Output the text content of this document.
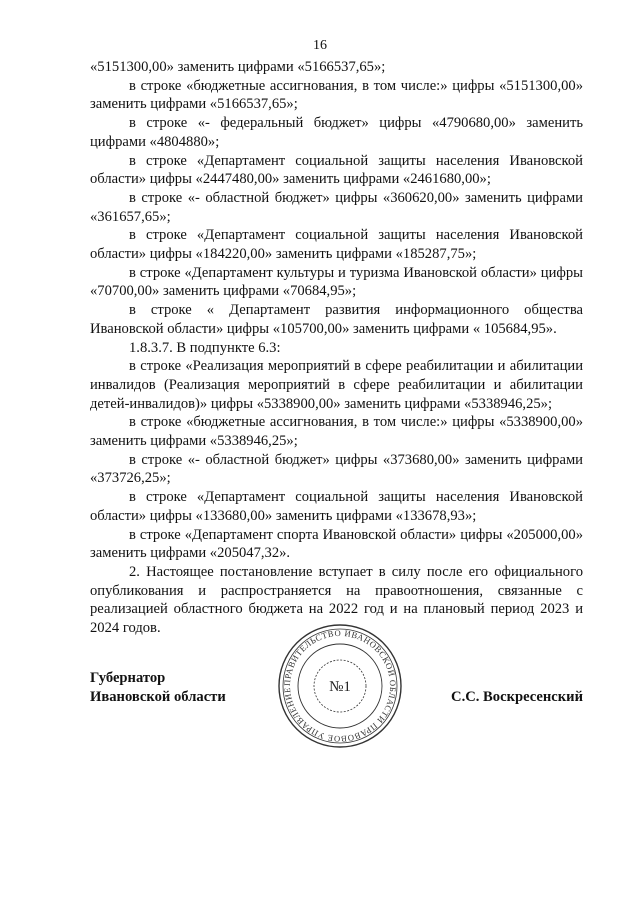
16

«5151300,00» заменить цифрами «5166537,65»;

в строке «бюджетные ассигнования, в том числе:» цифры «5151300,00» заменить цифрами «5166537,65»;

в строке «- федеральный бюджет» цифры «4790680,00» заменить цифрами «4804880»;

в строке «Департамент социальной защиты населения Ивановской области» цифры «2447480,00» заменить цифрами «2461680,00»;

в строке «- областной бюджет» цифры «360620,00» заменить цифрами «361657,65»;

в строке «Департамент социальной защиты населения Ивановской области» цифры «184220,00» заменить цифрами «185287,75»;

в строке «Департамент культуры и туризма Ивановской области» цифры «70700,00» заменить цифрами «70684,95»;

в строке « Департамент развития информационного общества Ивановской области» цифры «105700,00» заменить цифрами « 105684,95».

1.8.3.7. В подпункте 6.3:

в строке «Реализация мероприятий в сфере реабилитации и абилитации инвалидов (Реализация мероприятий в сфере реабилитации и абилитации детей-инвалидов)» цифры «5338900,00» заменить цифрами «5338946,25»;

в строке «бюджетные ассигнования, в том числе:» цифры «5338900,00» заменить цифрами «5338946,25»;

в строке «- областной бюджет» цифры «373680,00» заменить цифрами «373726,25»;

в строке «Департамент социальной защиты населения Ивановской области» цифры «133680,00» заменить цифрами «133678,93»;

в строке «Департамент спорта Ивановской области» цифры «205000,00» заменить цифрами «205047,32».

2. Настоящее постановление вступает в силу после его официального опубликования и распространяется на правоотношения, связанные с реализацией областного бюджета на 2022 год и на плановый период 2023 и 2024 годов.

Губернатор
Ивановской области
ПРАВИТЕЛЬСТВО ИВАНОВСКОЙ ОБЛАСТИ ПРАВОВОЕ УПРАВЛЕНИЕ	№1
С.С. Воскресенский
